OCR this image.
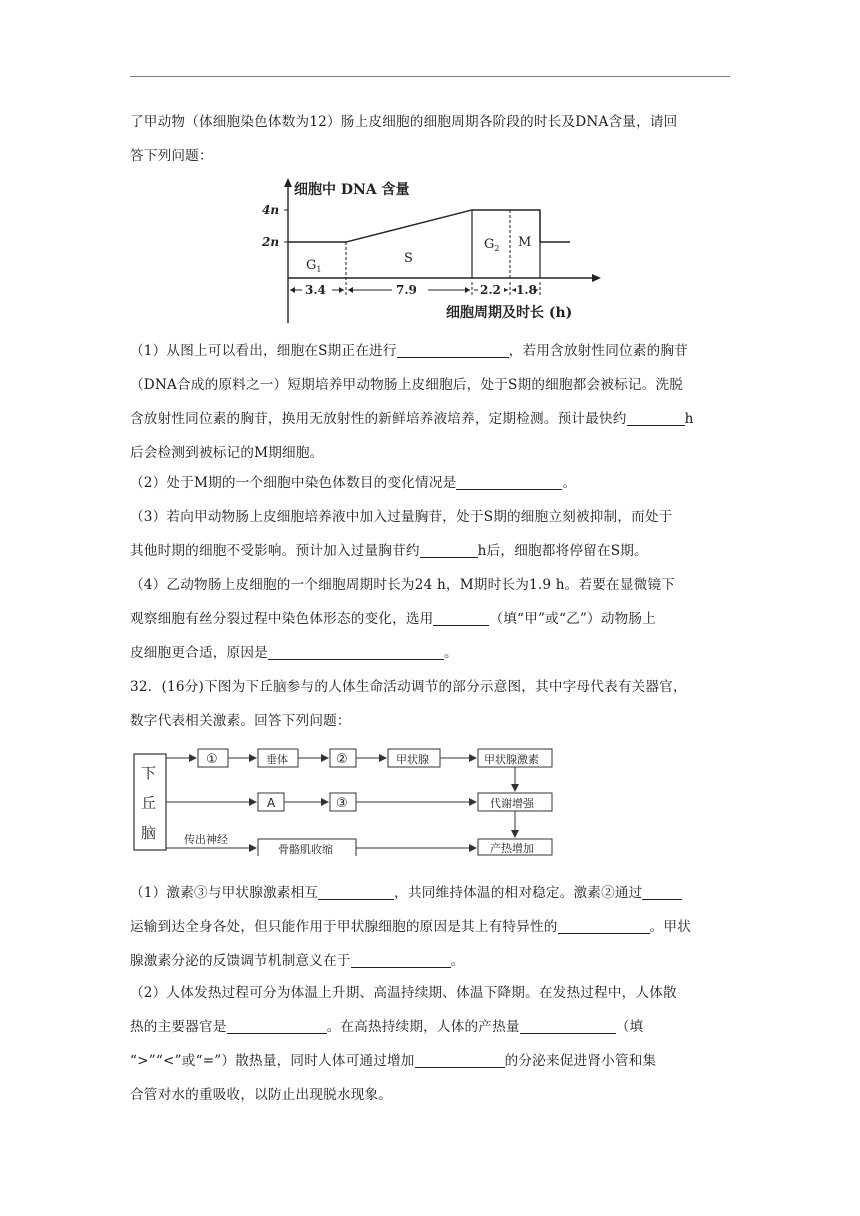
了甲动物（体细胞染色体数为12）肠上皮细胞的细胞周期各阶段的时长及DNA含量，请回
答下列问题：

细胞中 DNA 含量
4n
2n
$G_1$
S
$G_2$ M
3.4	7.9	2.2 1.8
细胞周期及时长 (h)

（1）从图上可以看出，细胞在S期正在进行	，若用含放射性同位素的胸苷
（DNA合成的原料之一）短期培养甲动物肠上皮细胞后，处于S期的细胞都会被标记。洗脱
含放射性同位素的胸苷，换用无放射性的新鲜培养液培养，定期检测。预计最快约	h
后会检测到被标记的M期细胞。

（2）处于M期的一个细胞中染色体数目的变化情况是	。

（3）若向甲动物肠上皮细胞培养液中加入过量胸苷，处于S期的细胞立刻被抑制，而处于
其他时期的细胞不受影响。预计加入过量胸苷约	h后，细胞都将停留在S期。

（4）乙动物肠上皮细胞的一个细胞周期时长为24 h，M期时长为1.9 h。若要在显微镜下
观察细胞有丝分裂过程中染色体形态的变化，选用	（填“甲”或“乙”）动物肠上
皮细胞更合适，原因是	。

32．(16分)下图为下丘脑参与的人体生命活动调节的部分示意图，其中字母代表有关器官，
数字代表相关激素。回答下列问题：

下
丘
脑
①	垂体	②	甲状腺	甲状腺激素
A	③	代谢增强
传出神经
骨骼肌收缩	产热增加

（1）激素③与甲状腺激素相互	，共同维持体温的相对稳定。激素②通过
运输到达全身各处，但只能作用于甲状腺细胞的原因是其上有特异性的	。甲状
腺激素分泌的反馈调节机制意义在于	。

（2）人体发热过程可分为体温上升期、高温持续期、体温下降期。在发热过程中，人体散
热的主要器官是	。在高热持续期，人体的产热量	（填
“>”“<”或“=”）散热量，同时人体可通过增加	的分泌来促进肾小管和集
合管对水的重吸收，以防止出现脱水现象。
